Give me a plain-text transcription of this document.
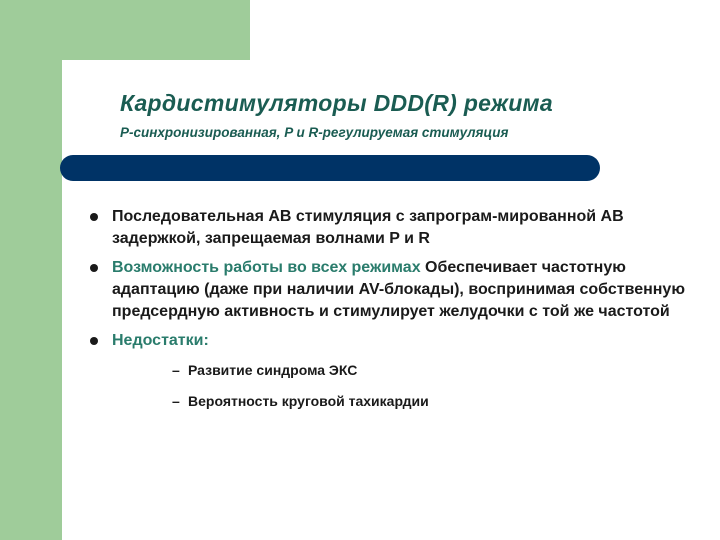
Кардистимуляторы DDD(R) режима
P-синхронизированная, P и R-регулируемая стимуляция
Последовательная АВ стимуляция с запрограм-мированной АВ задержкой, запрещаемая волнами P и R
Возможность работы во всех режимах Обеспечивает частотную адаптацию (даже при наличии AV-блокады), воспринимая собственную предсердную активность и стимулирует желудочки с той же частотой
Недостатки:
– Развитие синдрома ЭКС
– Вероятность круговой тахикардии
